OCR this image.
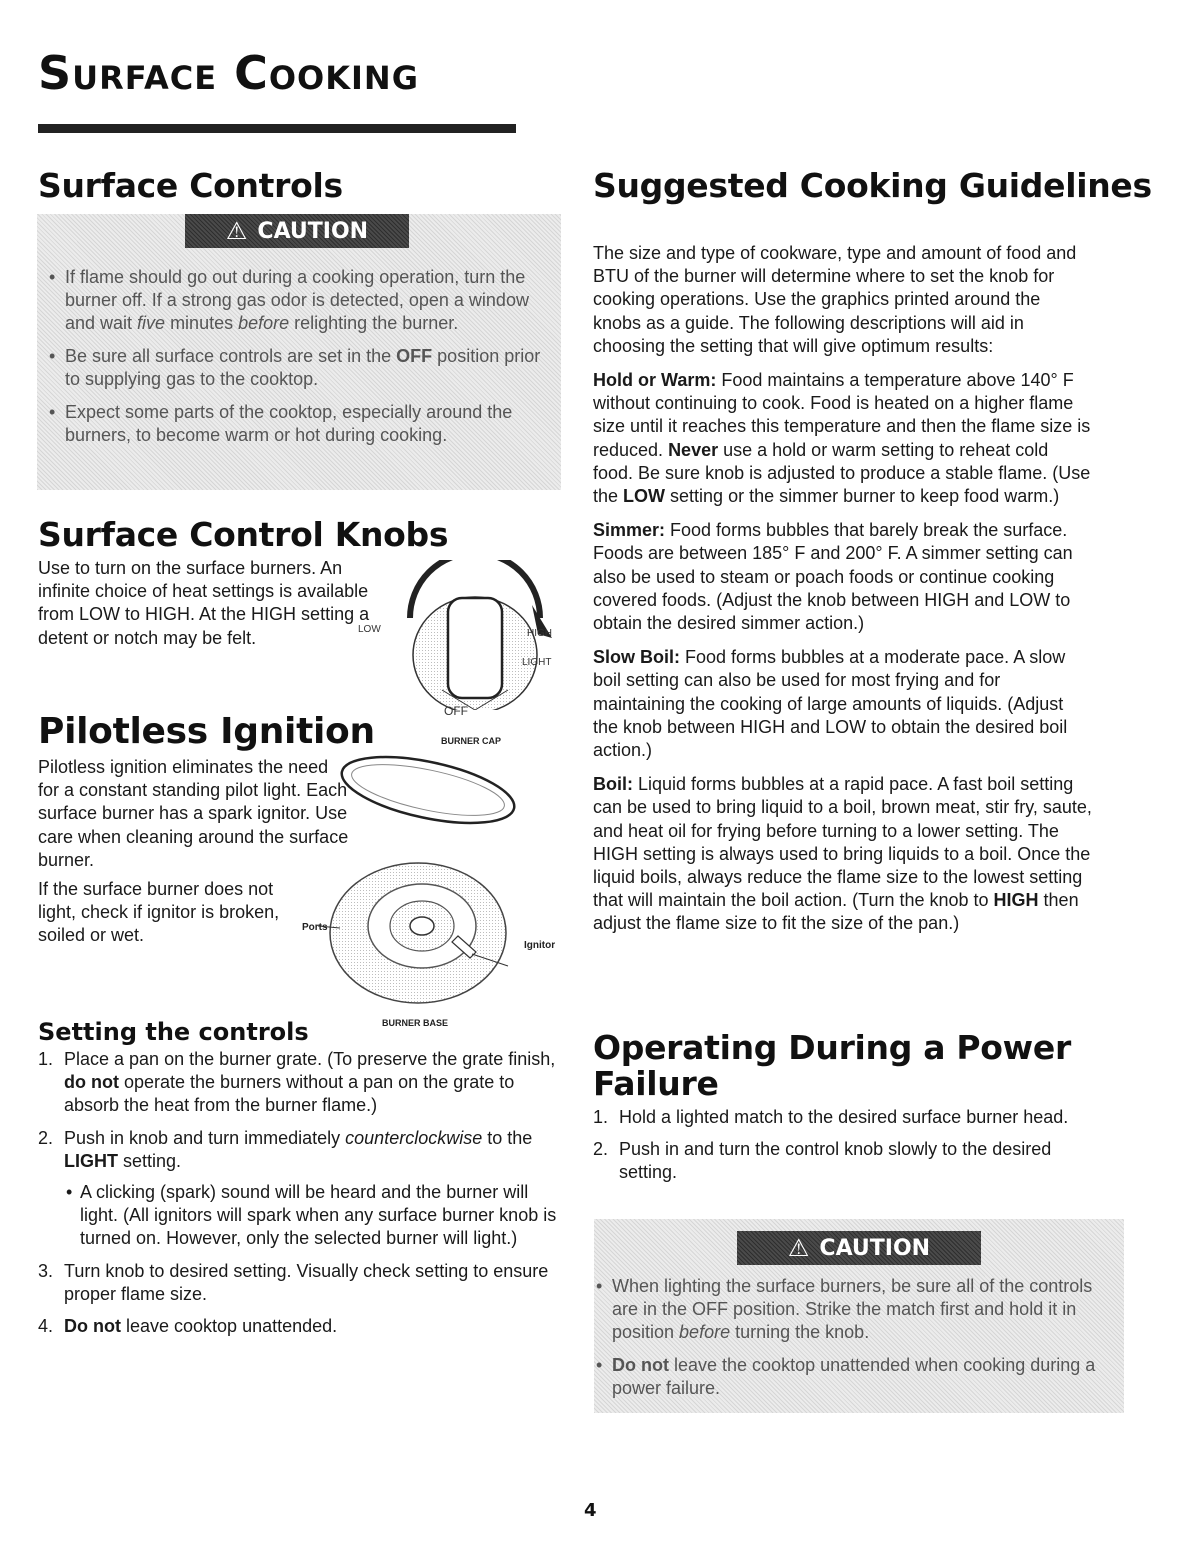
Surface Cooking
Surface Controls
⚠ CAUTION
• If flame should go out during a cooking operation, turn the burner off. If a strong gas odor is detected, open a window and wait five minutes before relighting the burner.
• Be sure all surface controls are set in the OFF position prior to supplying gas to the cooktop.
• Expect some parts of the cooktop, especially around the burners, to become warm or hot during cooking.
Surface Control Knobs

Use to turn on the surface burners. An infinite choice of heat settings is available from LOW to HIGH. At the HIGH setting a detent or notch may be felt.	LOW	HIGH
LIGHT
OFF
Pilotless Ignition	BURNER CAP

Pilotless ignition eliminates the need for a constant standing pilot light. Each surface burner has a spark ignitor. Use care when cleaning around the surface burner.

If the surface burner does not light, check if ignitor is broken, soiled or wet.	Ports
Ignitor
BURNER BASE
Setting the controls
1. Place a pan on the burner grate. (To preserve the grate finish, do not operate the burners without a pan on the grate to absorb the heat from the burner flame.)
2. Push in knob and turn immediately counterclockwise to the LIGHT setting.
• A clicking (spark) sound will be heard and the burner will light. (All ignitors will spark when any surface burner knob is turned on. However, only the selected burner will light.)
3. Turn knob to desired setting. Visually check setting to ensure proper flame size.
4. Do not leave cooktop unattended.
Suggested Cooking Guidelines

The size and type of cookware, type and amount of food and BTU of the burner will determine where to set the knob for cooking operations. Use the graphics printed around the knobs as a guide. The following descriptions will aid in choosing the setting that will give optimum results:

Hold or Warm: Food maintains a temperature above 140° F without continuing to cook. Food is heated on a higher flame size until it reaches this temperature and then the flame size is reduced. Never use a hold or warm setting to reheat cold food. Be sure knob is adjusted to produce a stable flame. (Use the LOW setting or the simmer burner to keep food warm.)

Simmer: Food forms bubbles that barely break the surface. Foods are between 185° F and 200° F. A simmer setting can also be used to steam or poach foods or continue cooking covered foods. (Adjust the knob between HIGH and LOW to obtain the desired simmer action.)

Slow Boil: Food forms bubbles at a moderate pace. A slow boil setting can also be used for most frying and for maintaining the cooking of large amounts of liquids. (Adjust the knob between HIGH and LOW to obtain the desired boil action.)

Boil: Liquid forms bubbles at a rapid pace. A fast boil setting can be used to bring liquid to a boil, brown meat, stir fry, saute, and heat oil for frying before turning to a lower setting. The HIGH setting is always used to bring liquids to a boil. Once the liquid boils, always reduce the flame size to the lowest setting that will maintain the boil action. (Turn the knob to HIGH then adjust the flame size to fit the size of the pan.)

Operating During a Power Failure
1. Hold a lighted match to the desired surface burner head.
2. Push in and turn the control knob slowly to the desired setting.
⚠ CAUTION
• When lighting the surface burners, be sure all of the controls are in the OFF position. Strike the match first and hold it in position before turning the knob.
• Do not leave the cooktop unattended when cooking during a power failure.
4
